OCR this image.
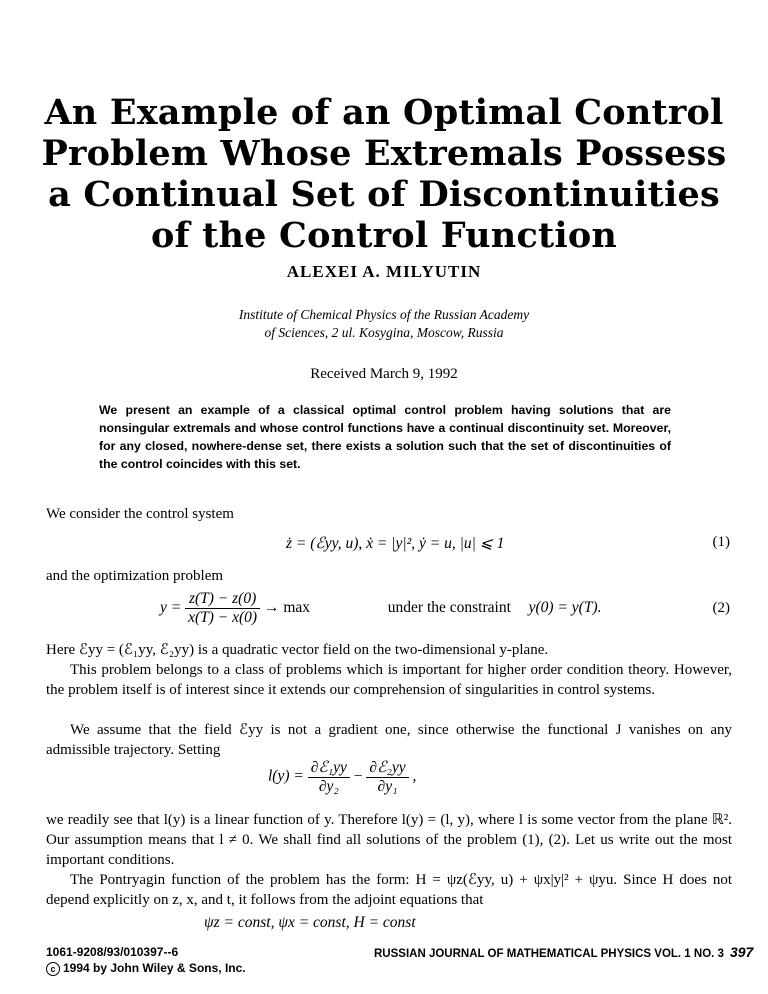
An Example of an Optimal Control
Problem Whose Extremals Possess
a Continual Set of Discontinuities
of the Control Function
ALEXEI A. MILYUTIN
Institute of Chemical Physics of the Russian Academy
of Sciences, 2 ul. Kosygina, Moscow, Russia
Received March 9, 1992
We present an example of a classical optimal control problem having solutions that are nonsingular extremals and whose control functions have a continual discontinuity set. Moreover, for any closed, nowhere-dense set, there exists a solution such that the set of discontinuities of the control coincides with this set.
We consider the control system
ż = (ℰyy, u), ẋ = |y|², ẏ = u, |u| ⩽ 1	(1)
and the optimization problem
$y = \frac{z(T) - z(0)}{x(T) - x(0)} \to \max$	under the constraint y(0) = y(T).	(2)
Here ℰyy = (ℰ₁yy, ℰ₂yy) is a quadratic vector field on the two-dimensional y-plane.
This problem belongs to a class of problems which is important for higher order condition theory. However, the problem itself is of interest since it extends our comprehension of singularities in control systems.
We assume that the field ℰyy is not a gradient one, since otherwise the functional J vanishes on any admissible trajectory. Setting
$l(y) = \frac{\text{∂ℰ₁yy}}{\text{∂y₂}} - \frac{\text{∂ℰ₂yy}}{\text{∂y₁}}$ ,
we readily see that l(y) is a linear function of y. Therefore l(y) = (l, y), where l is some vector from the plane ℝ². Our assumption means that l ≠ 0. We shall find all solutions of the problem (1), (2). Let us write out the most important conditions.
The Pontryagin function of the problem has the form: H = ψz(ℰyy, u) + ψx|y|² + ψyu. Since H does not depend explicitly on z, x, and t, it follows from the adjoint equations that
ψz = const, ψx = const, H = const
1061-9208/93/010397--6
c 1994 by John Wiley & Sons, Inc.
RUSSIAN JOURNAL OF MATHEMATICAL PHYSICS VOL. 1 NO. 3 397
